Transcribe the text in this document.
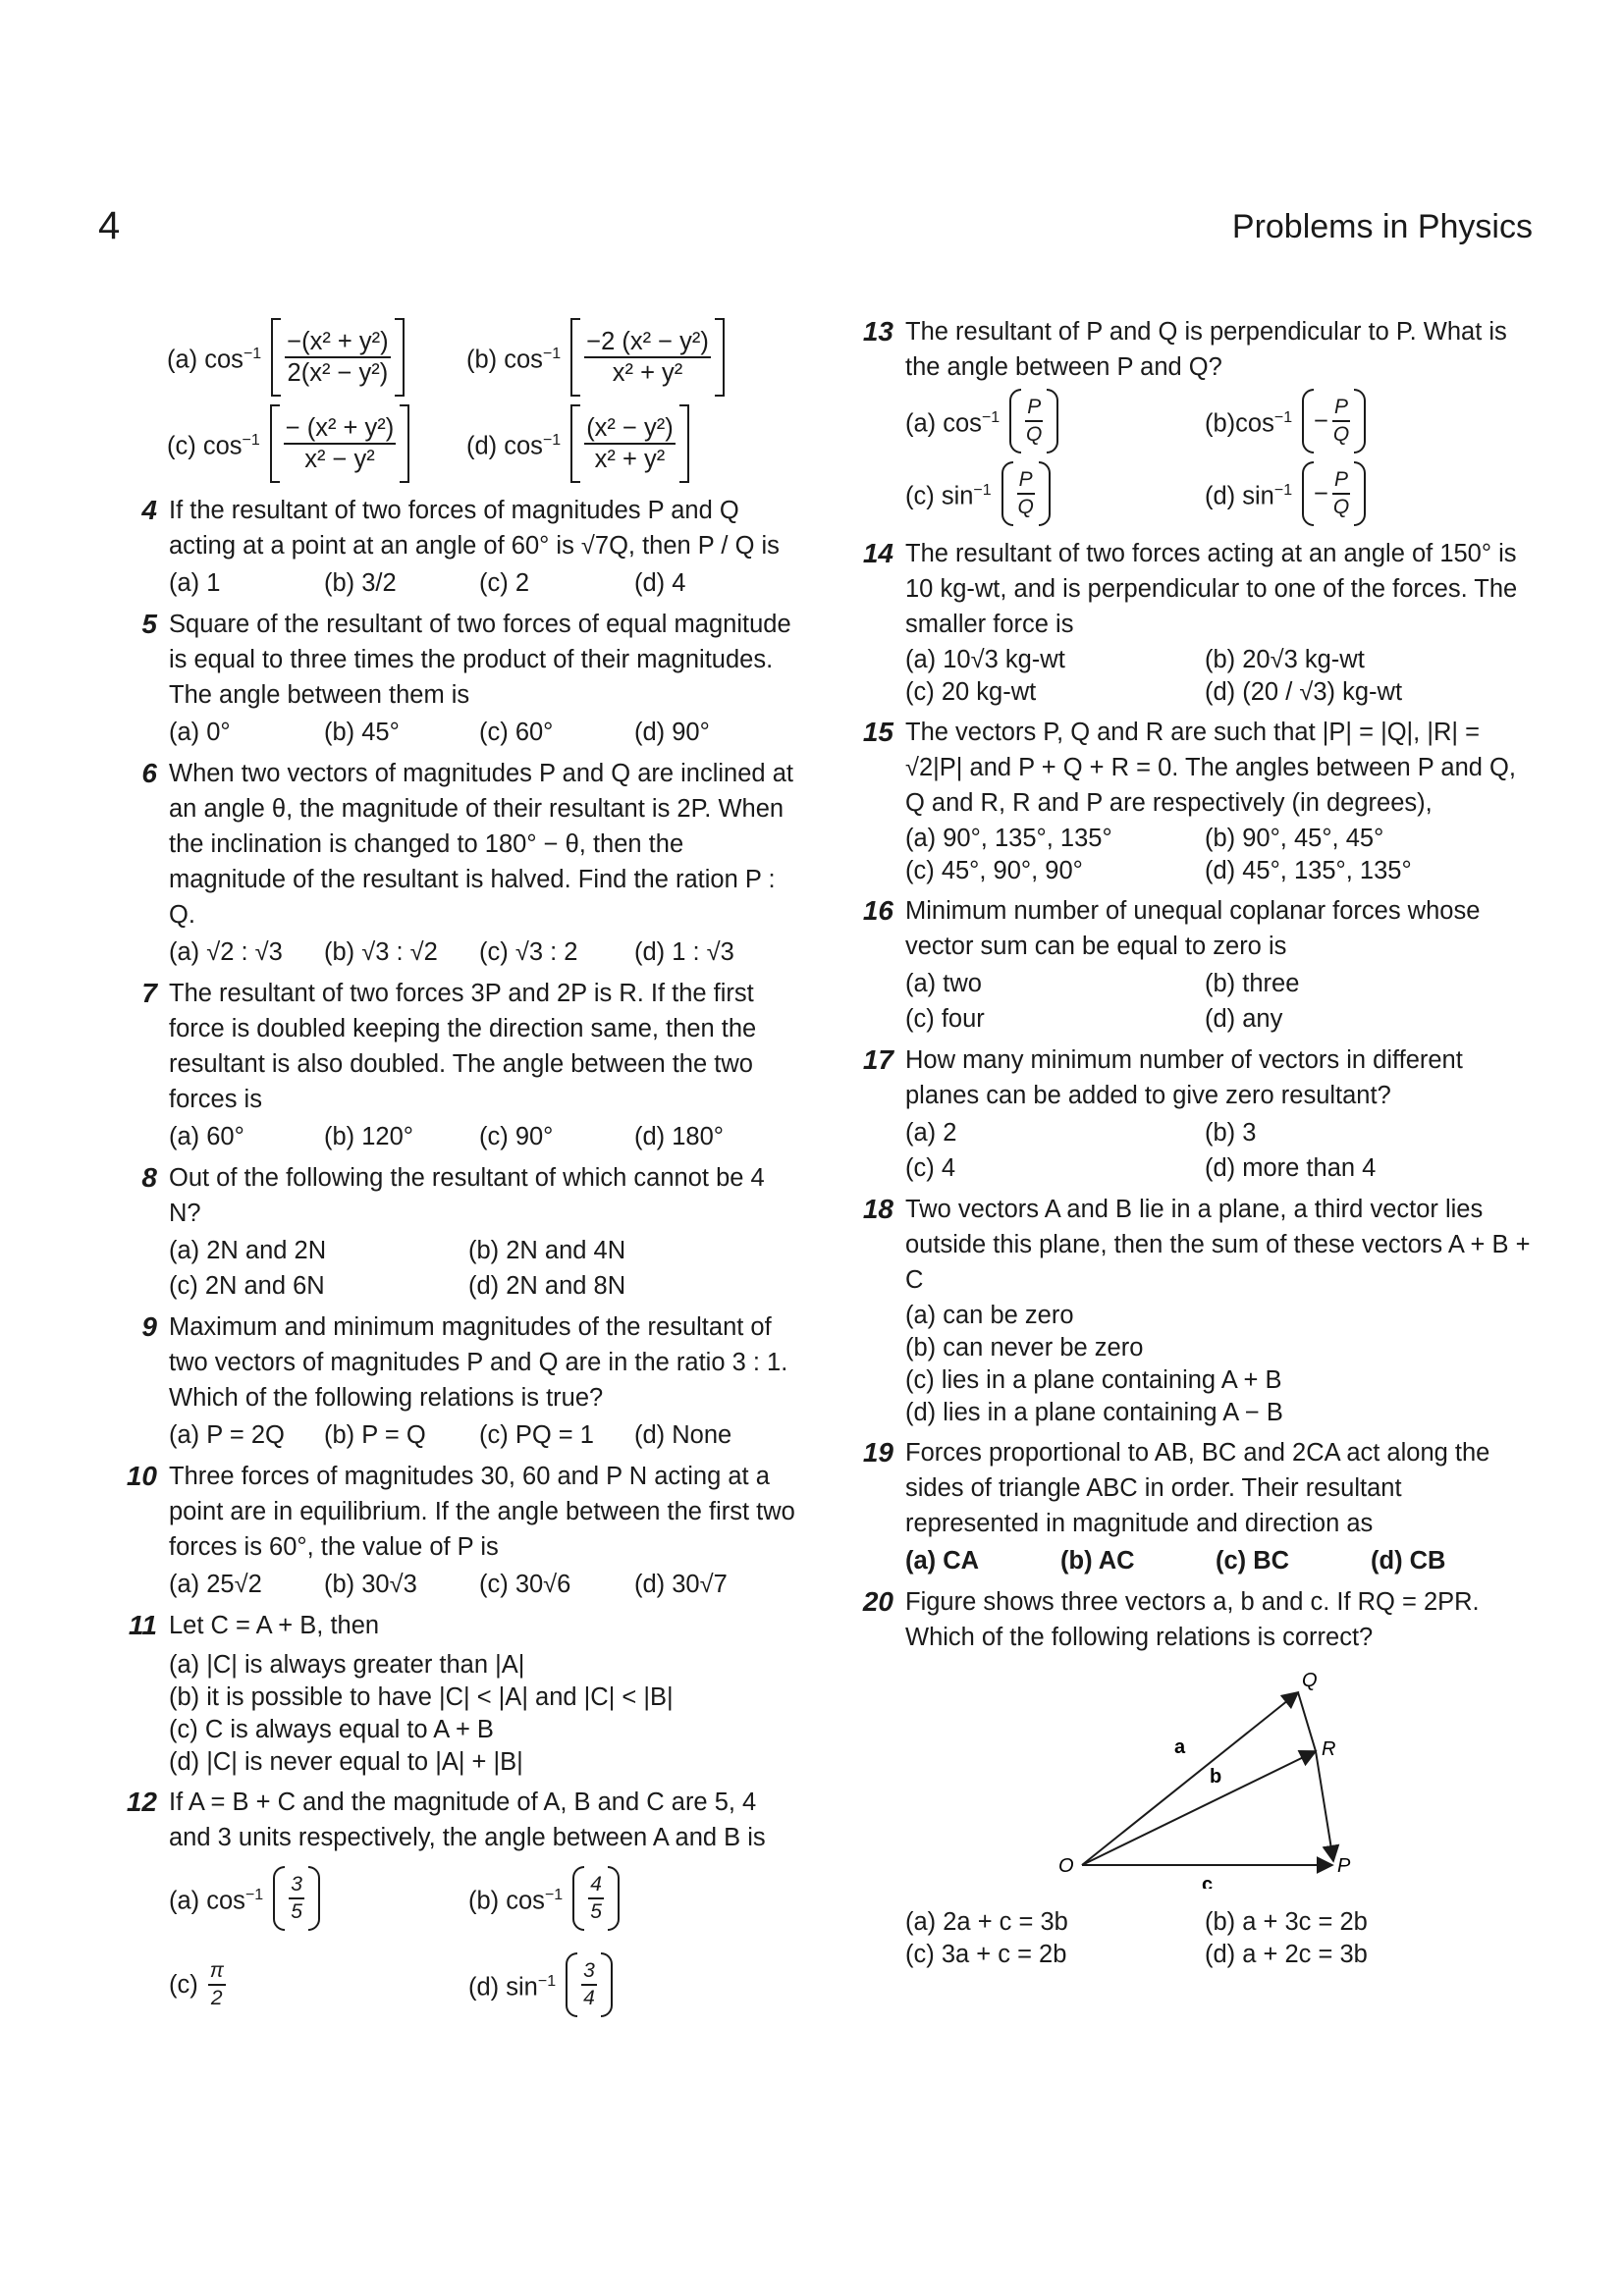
4	Problems in Physics
(a) $\cos^{-1} \frac{\text{−(x² + y²)}}{\text{2(x² − y²)}}$	(b) $\cos^{-1} \frac{\text{−2 (x² − y²)}}{\text{x² + y²}}$
(c) $\cos^{-1} \frac{\text{− (x² + y²)}}{\text{x² − y²}}$	(d) $\cos^{-1} \frac{\text{(x² − y²)}}{\text{x² + y²}}$
4 If the resultant of two forces of magnitudes P and Q acting at a point at an angle of 60° is √7Q, then P / Q is
(a) 1	(b) 3/2	(c) 2	(d) 4
5 Square of the resultant of two forces of equal magnitude is equal to three times the product of their magnitudes. The angle between them is
(a) 0°	(b) 45°	(c) 60°	(d) 90°
6 When two vectors of magnitudes P and Q are inclined at an angle θ, the magnitude of their resultant is 2P. When the inclination is changed to 180° − θ, then the magnitude of the resultant is halved. Find the ration P : Q.
(a) √2 : √3	(b) √3 : √2	(c) √3 : 2	(d) 1 : √3
7 The resultant of two forces 3P and 2P is R. If the first force is doubled keeping the direction same, then the resultant is also doubled. The angle between the two forces is
(a) 60°	(b) 120°	(c) 90°	(d) 180°
8 Out of the following the resultant of which cannot be 4 N?
(a) 2N and 2N	(b) 2N and 4N
(c) 2N and 6N	(d) 2N and 8N
9 Maximum and minimum magnitudes of the resultant of two vectors of magnitudes P and Q are in the ratio 3 : 1. Which of the following relations is true?
(a) P = 2Q	(b) P = Q	(c) PQ = 1	(d) None
10 Three forces of magnitudes 30, 60 and P N acting at a point are in equilibrium. If the angle between the first two forces is 60°, the value of P is
(a) 25√2	(b) 30√3	(c) 30√6	(d) 30√7
11 Let C = A + B, then
(a) |C| is always greater than |A|
(b) it is possible to have |C| < |A| and |C| < |B|
(c) C is always equal to A + B
(d) |C| is never equal to |A| + |B|
12 If A = B + C and the magnitude of A, B and C are 5, 4 and 3 units respectively, the angle between A and B is
(a) $\cos^{-1} \frac{3}{5}$	(b) $\cos^{-1} \frac{4}{5}$
$(c) \frac{\pi}{2}$	(d) $\sin^{-1} \frac{3}{4}$
13 The resultant of P and Q is perpendicular to P. What is the angle between P and Q?
(a) $\cos^{-1} \frac{P}{Q}$	$(b)\cos^{-1} - \frac{P}{Q}$
(c) $\sin^{-1} \frac{P}{Q}$	(d) $\sin^{-1} - \frac{P}{Q}$
14 The resultant of two forces acting at an angle of 150° is 10 kg-wt, and is perpendicular to one of the forces. The smaller force is
(a) 10√3 kg-wt	(b) 20√3 kg-wt
(c) 20 kg-wt	(d) (20 / √3) kg-wt
15 The vectors P, Q and R are such that |P| = |Q|, |R| = √2|P| and P + Q + R = 0. The angles between P and Q, Q and R, R and P are respectively (in degrees),
(a) 90°, 135°, 135°	(b) 90°, 45°, 45°
(c) 45°, 90°, 90°	(d) 45°, 135°, 135°
16 Minimum number of unequal coplanar forces whose vector sum can be equal to zero is
(a) two	(b) three
(c) four	(d) any
17 How many minimum number of vectors in different planes can be added to give zero resultant?
(a) 2	(b) 3
(c) 4	(d) more than 4
18 Two vectors A and B lie in a plane, a third vector lies outside this plane, then the sum of these vectors A + B + C
(a) can be zero
(b) can never be zero
(c) lies in a plane containing A + B
(d) lies in a plane containing A − B
19 Forces proportional to AB, BC and 2CA act along the sides of triangle ABC in order. Their resultant represented in magnitude and direction as
(a) CA	(b) AC	(c) BC	(d) CB
20 Figure shows three vectors a, b and c. If RQ = 2PR. Which of the following relations is correct?
O	P
Q
R
a
b
c
(a) 2a + c = 3b	(b) a + 3c = 2b
(c) 3a + c = 2b	(d) a + 2c = 3b
